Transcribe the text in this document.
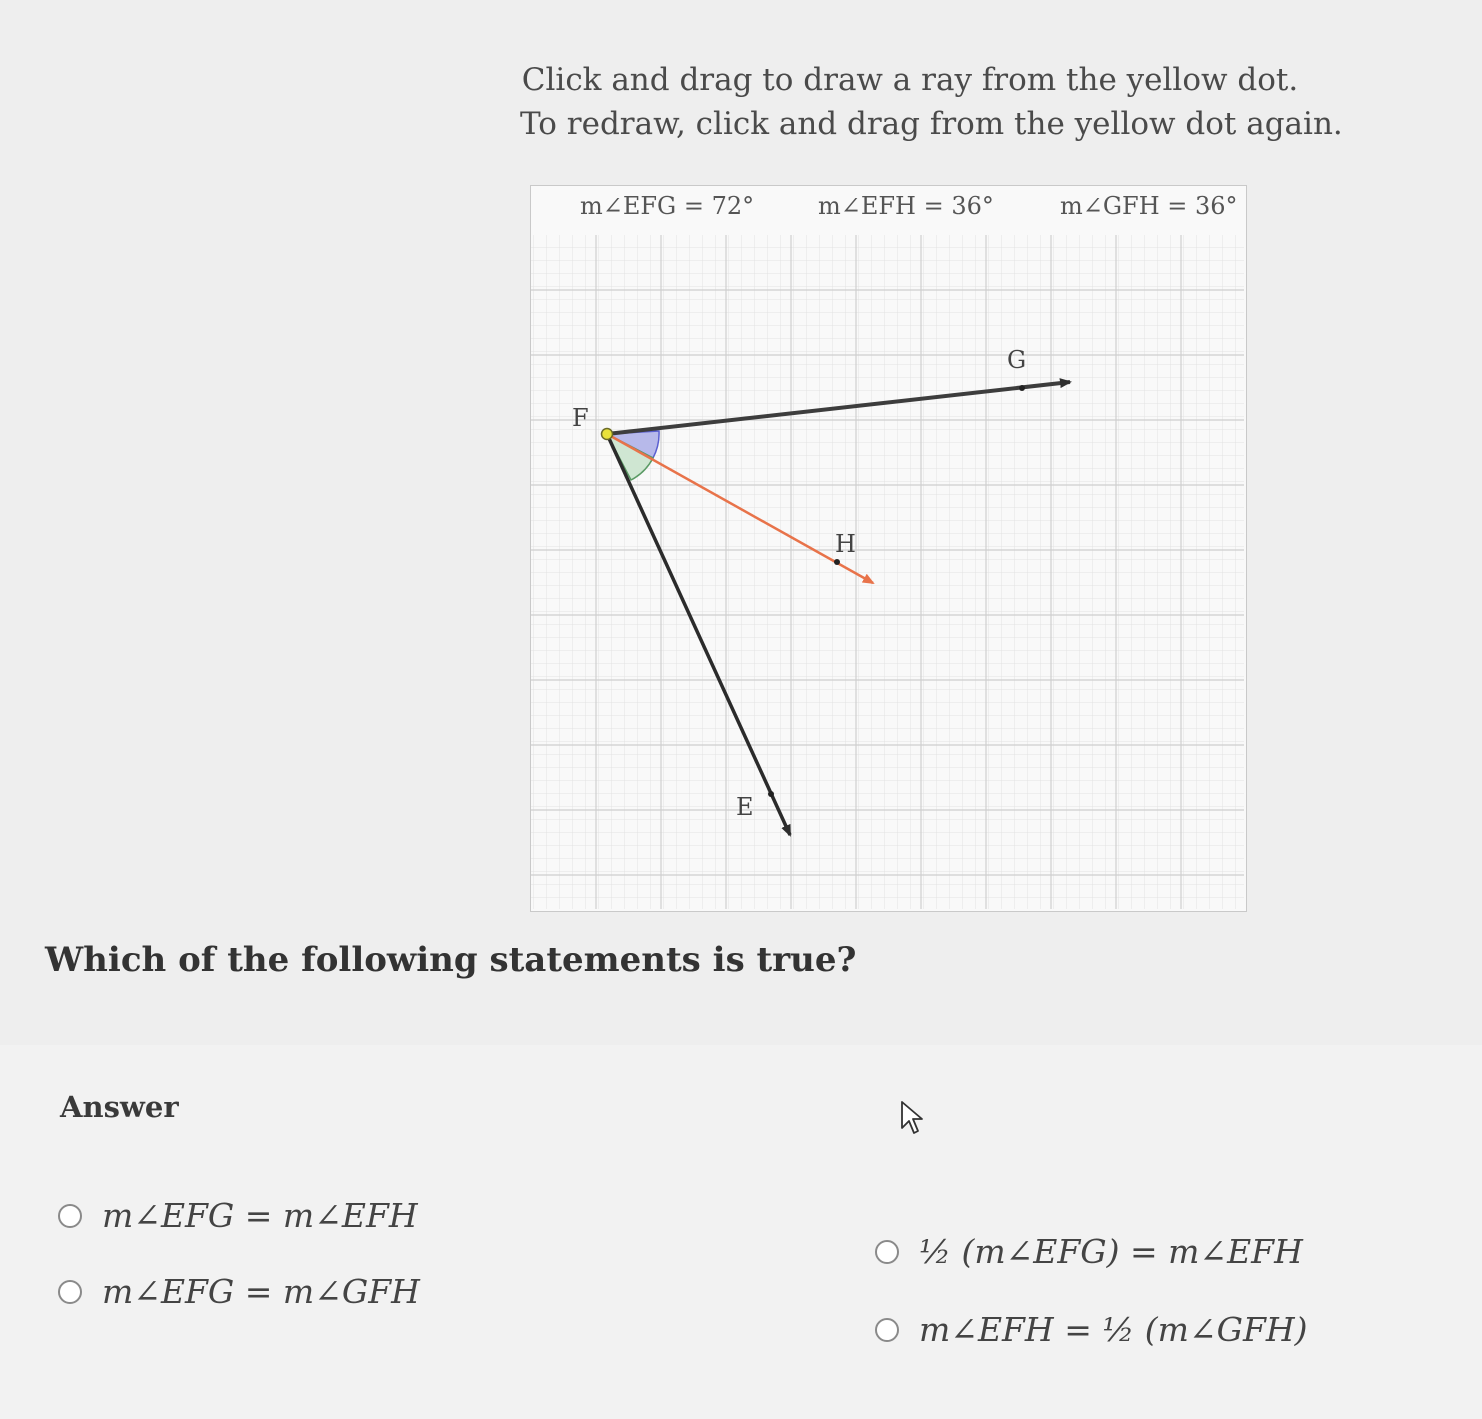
Click and drag to draw a ray from the yellow dot.
To redraw, click and drag from the yellow dot again.
m∠EFG = 72°	m∠EFH = 36°	m∠GFH = 36°
F
G
H
E
Which of the following statements is true?
Answer
m∠EFG = m∠EFH
m∠EFG = m∠GFH
½ (m∠EFG) = m∠EFH
m∠EFH = ½ (m∠GFH)
